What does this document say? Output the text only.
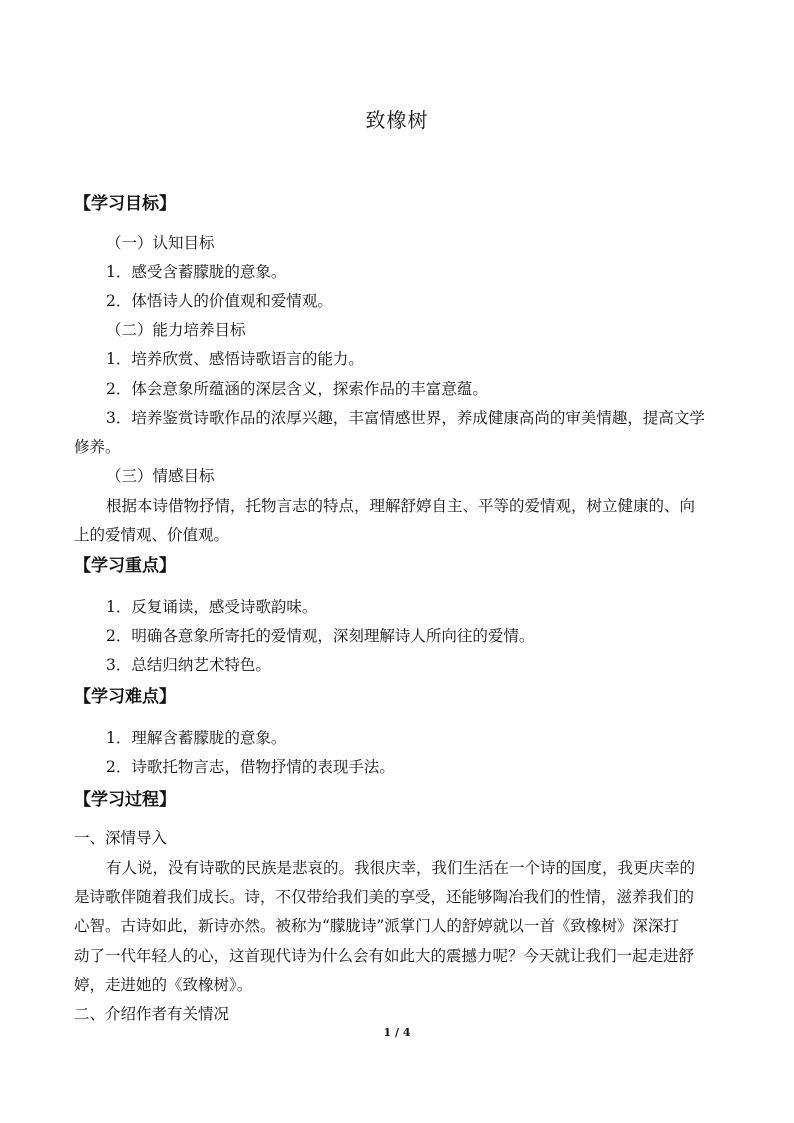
致橡树
【学习目标】
（一）认知目标
1．感受含蓄朦胧的意象。
2．体悟诗人的价值观和爱情观。
（二）能力培养目标
1．培养欣赏、感悟诗歌语言的能力。
2．体会意象所蕴涵的深层含义，探索作品的丰富意蕴。
3．培养鉴赏诗歌作品的浓厚兴趣，丰富情感世界，养成健康高尚的审美情趣，提高文学
修养。
（三）情感目标
根据本诗借物抒情，托物言志的特点，理解舒婷自主、平等的爱情观，树立健康的、向
上的爱情观、价值观。
【学习重点】
1．反复诵读，感受诗歌韵味。
2．明确各意象所寄托的爱情观，深刻理解诗人所向往的爱情。
3．总结归纳艺术特色。
【学习难点】
1．理解含蓄朦胧的意象。
2．诗歌托物言志，借物抒情的表现手法。
【学习过程】
一、深情导入
有人说，没有诗歌的民族是悲哀的。我很庆幸，我们生活在一个诗的国度，我更庆幸的
是诗歌伴随着我们成长。诗，不仅带给我们美的享受，还能够陶冶我们的性情，滋养我们的
心智。古诗如此，新诗亦然。被称为“朦胧诗”派掌门人的舒婷就以一首《致橡树》深深打
动了一代年轻人的心，这首现代诗为什么会有如此大的震撼力呢？今天就让我们一起走进舒
婷，走进她的《致橡树》。
二、介绍作者有关情况
1 / 4
